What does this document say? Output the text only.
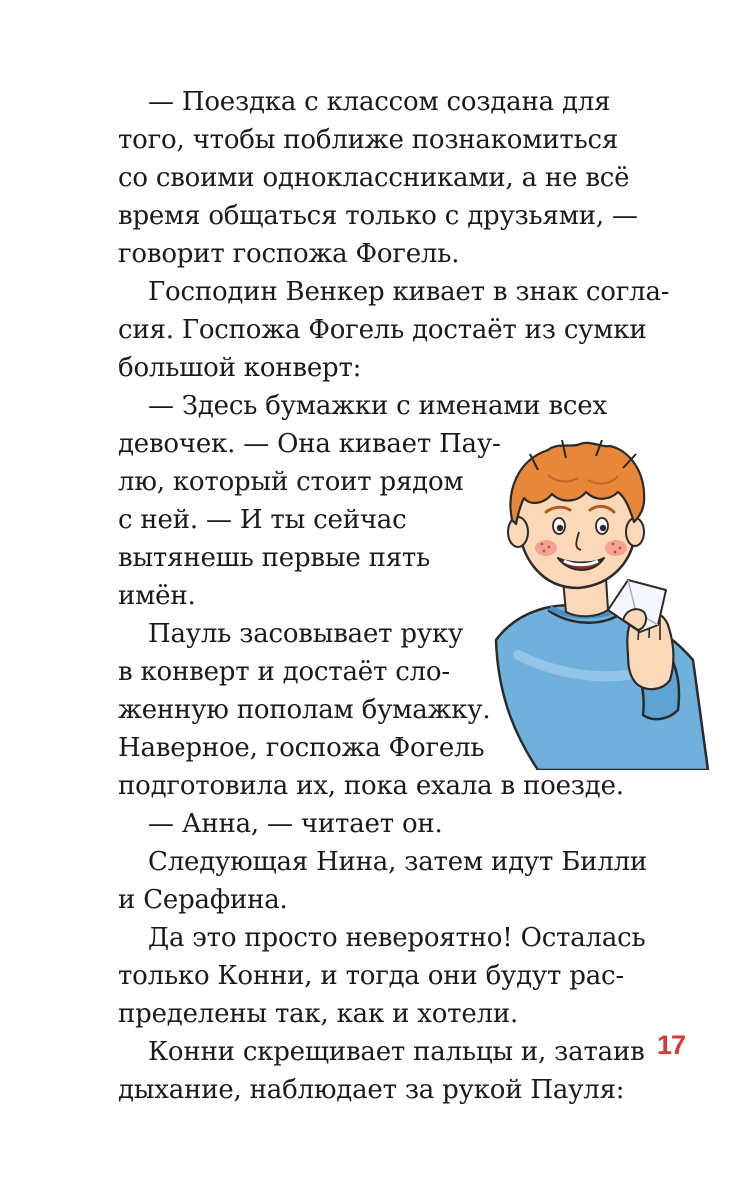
— Поездка с классом создана для
того, чтобы поближе познакомиться
со своими одноклассниками, а не всё
время общаться только с друзьями, —
говорит госпожа Фогель.
Господин Венкер кивает в знак согла-
сия. Госпожа Фогель достаёт из сумки
большой конверт:
— Здесь бумажки с именами всех
девочек. — Она кивает Пау-
лю, который стоит рядом
с ней. — И ты сейчас
вытянешь первые пять
имён.
Пауль засовывает руку
в конверт и достаёт сло-
женную пополам бумажку.
Наверное, госпожа Фогель
подготовила их, пока ехала в поезде.
— Анна, — читает он.
Следующая Нина, затем идут Билли
и Серафина.
Да это просто невероятно! Осталась
только Конни, и тогда они будут рас-
пределены так, как и хотели.
Конни скрещивает пальцы и, затаив
дыхание, наблюдает за рукой Пауля:
17
